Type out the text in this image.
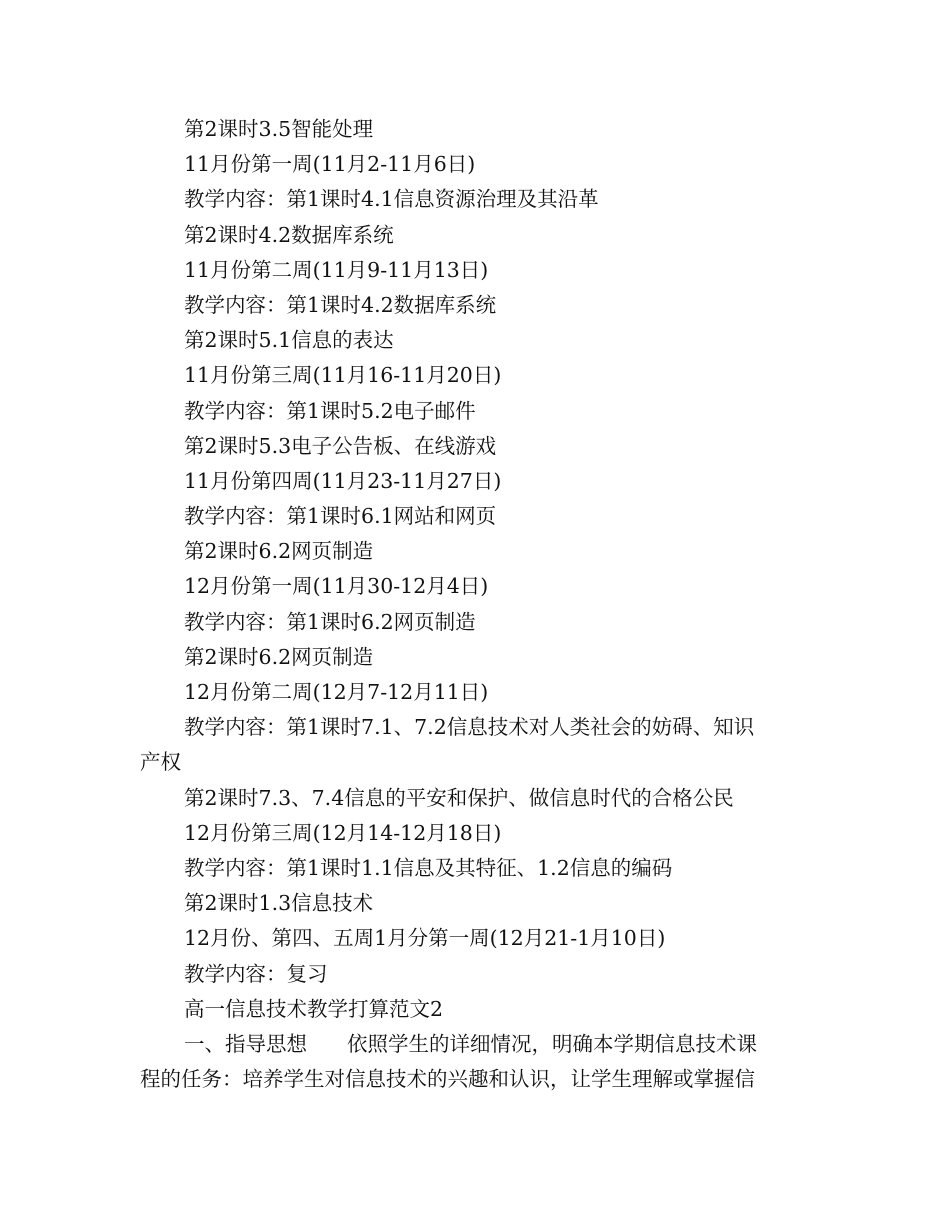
第2课时3.5智能处理
11月份第一周(11月2-11月6日)
教学内容：第1课时4.1信息资源治理及其沿革
第2课时4.2数据库系统
11月份第二周(11月9-11月13日)
教学内容：第1课时4.2数据库系统
第2课时5.1信息的表达
11月份第三周(11月16-11月20日)
教学内容：第1课时5.2电子邮件
第2课时5.3电子公告板、在线游戏
11月份第四周(11月23-11月27日)
教学内容：第1课时6.1网站和网页
第2课时6.2网页制造
12月份第一周(11月30-12月4日)
教学内容：第1课时6.2网页制造
第2课时6.2网页制造
12月份第二周(12月7-12月11日)
教学内容：第1课时7.1、7.2信息技术对人类社会的妨碍、知识
产权
第2课时7.3、7.4信息的平安和保护、做信息时代的合格公民
12月份第三周(12月14-12月18日)
教学内容：第1课时1.1信息及其特征、1.2信息的编码
第2课时1.3信息技术
12月份、第四、五周1月分第一周(12月21-1月10日)
教学内容：复习
高一信息技术教学打算范文2
一、指导思想 依照学生的详细情况，明确本学期信息技术课
程的任务：培养学生对信息技术的兴趣和认识，让学生理解或掌握信
